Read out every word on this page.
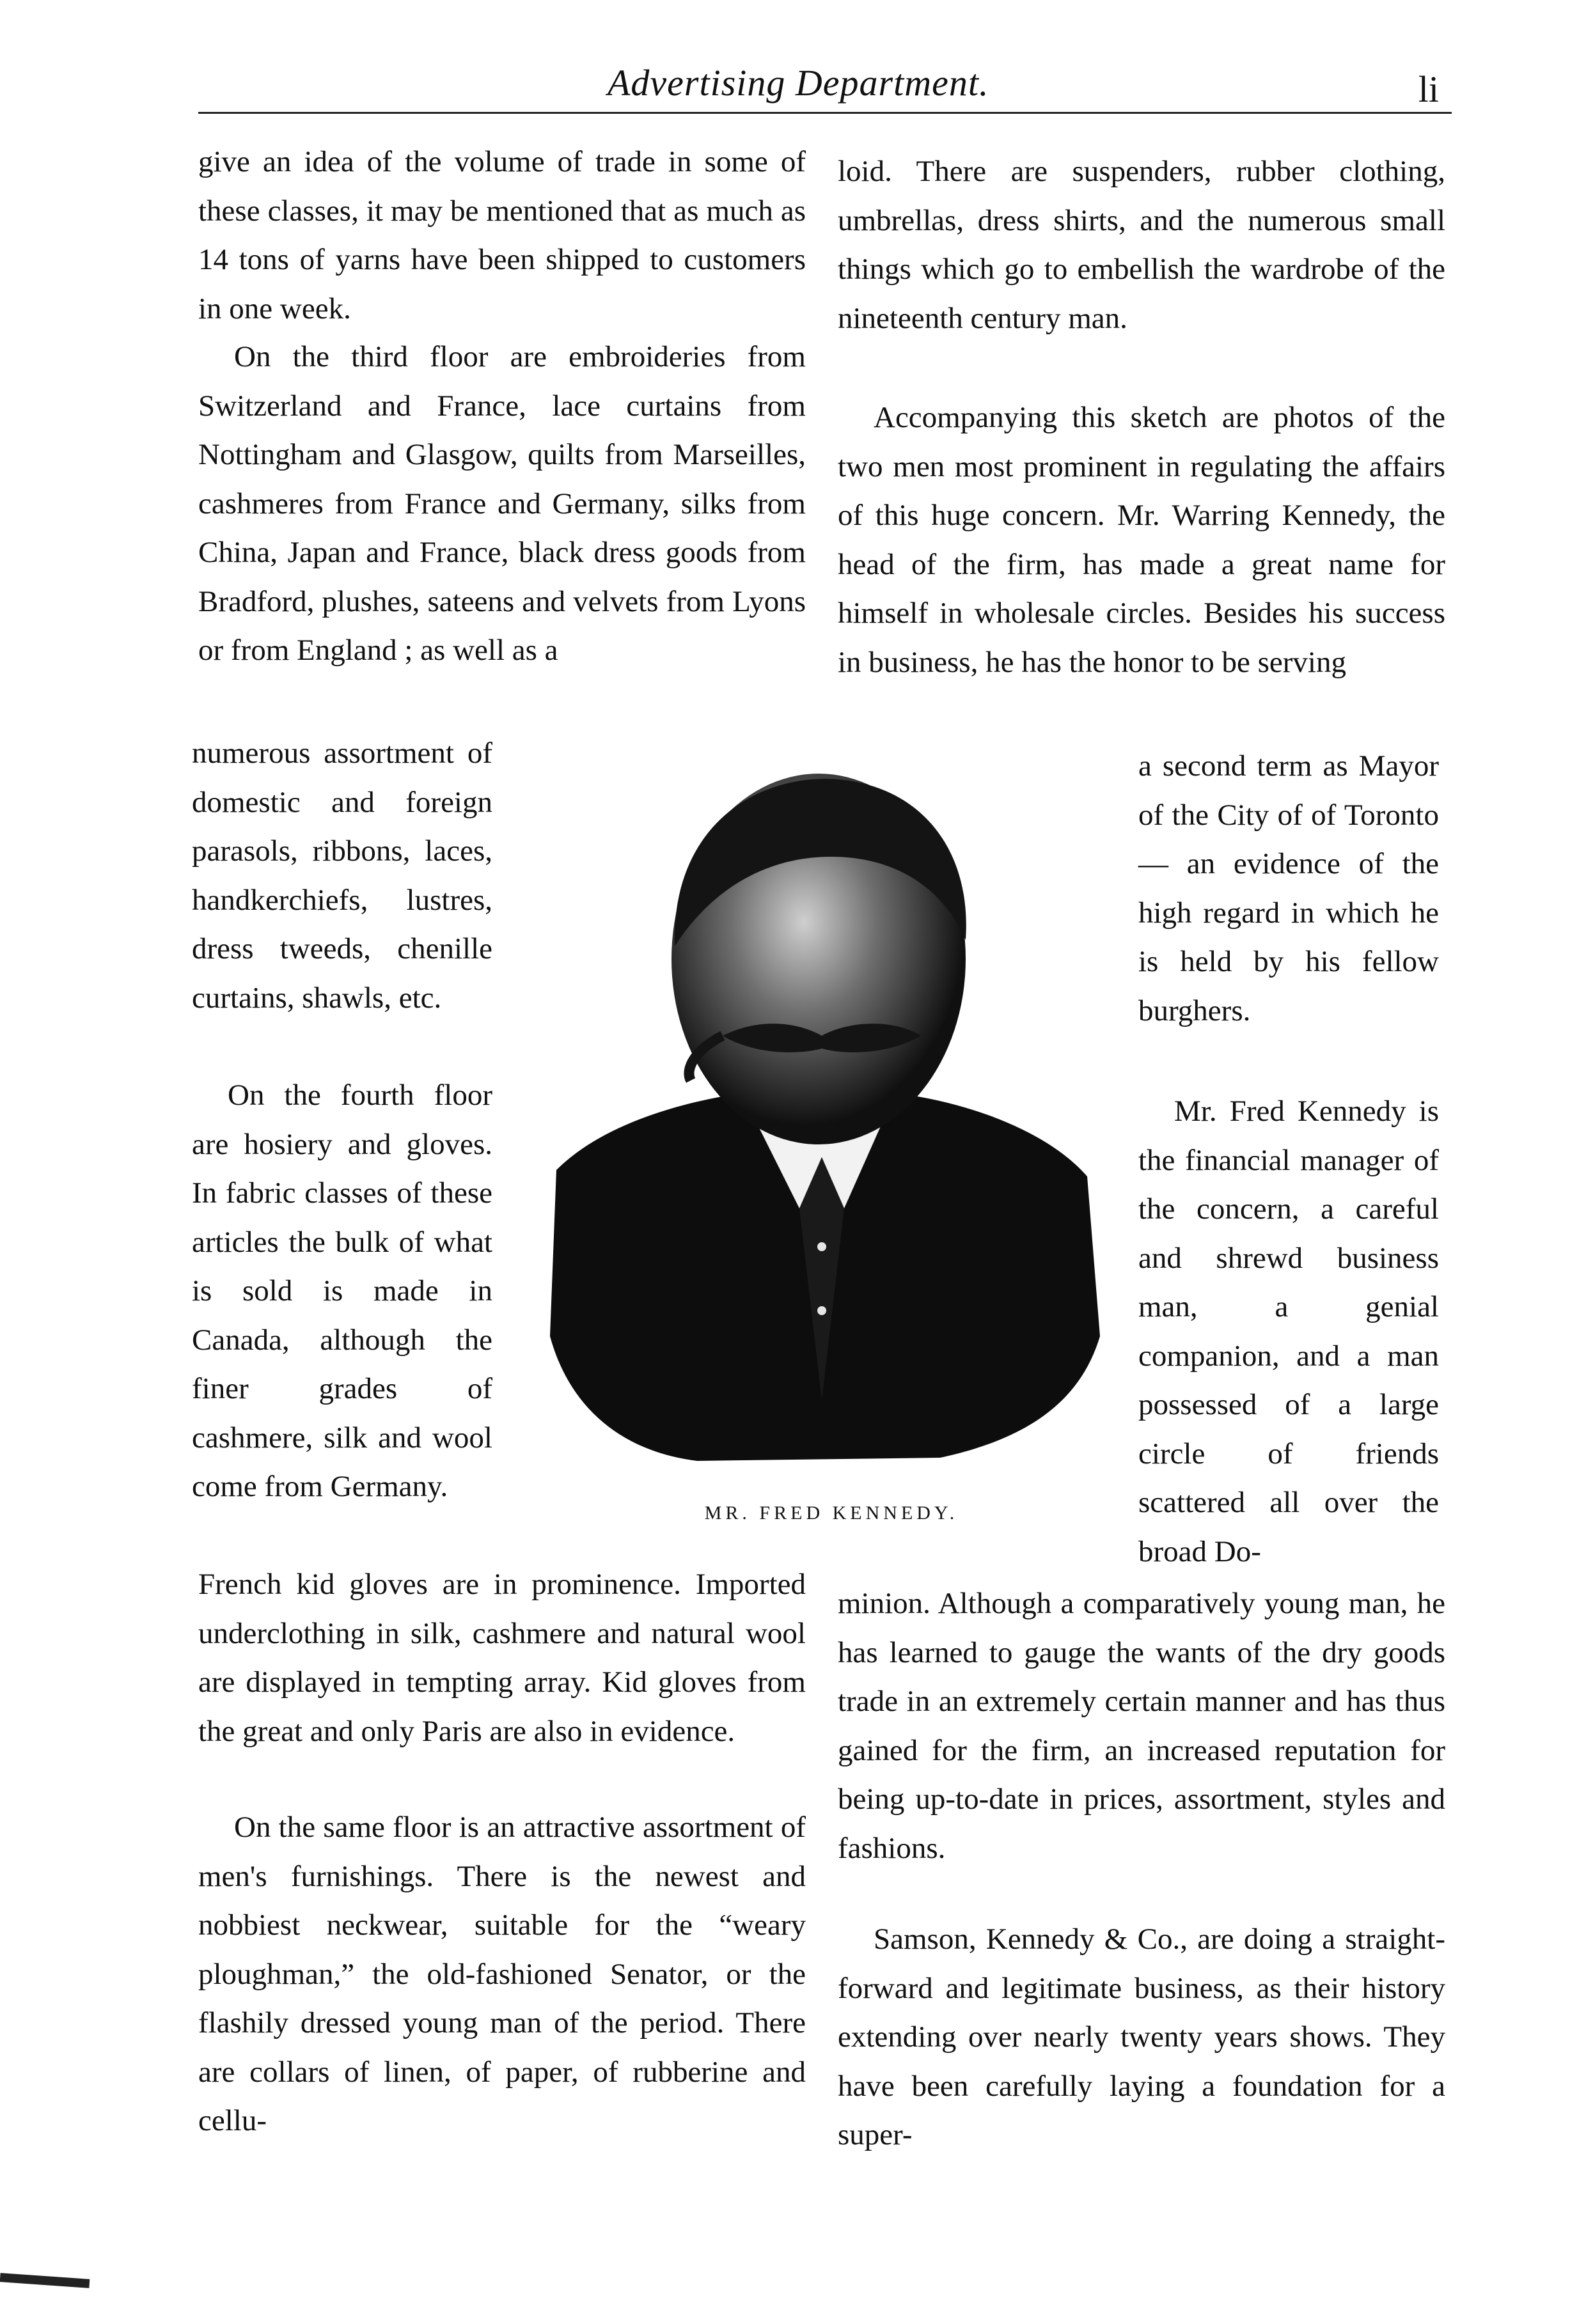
Advertising Department.	li

give an idea of the volume of trade in some of these classes, it may be mentioned that as much as 14 tons of yarns have been shipped to customers in one week.

On the third floor are embroideries from Switzerland and France, lace curtains from Nottingham and Glasgow, quilts from Marseilles, cashmeres from France and Germany, silks from China, Japan and France, black dress goods from Bradford, plushes, sateens and velvets from Lyons or from England ; as well as a

numerous assortment of domestic and foreign parasols, ribbons, laces, handkerchiefs, lustres, dress tweeds, chenille curtains, shawls, etc.

On the fourth floor are hosiery and gloves. In fabric classes of these articles the bulk of what is sold is made in Canada, although the finer grades of cashmere, silk and wool come from Germany.

French kid gloves are in prominence. Imported underclothing in silk, cashmere and natural wool are displayed in tempting array. Kid gloves from the great and only Paris are also in evidence.

On the same floor is an attractive assortment of men's furnishings. There is the newest and nobbiest neckwear, suitable for the “weary ploughman,” the old-fashioned Senator, or the flashily dressed young man of the period. There are collars of linen, of paper, of rubberine and cellu-

loid. There are suspenders, rubber clothing, umbrellas, dress shirts, and the numerous small things which go to embellish the wardrobe of the nineteenth century man.

Accompanying this sketch are photos of the two men most prominent in regulating the affairs of this huge concern. Mr. Warring Kennedy, the head of the firm, has made a great name for himself in wholesale circles. Besides his success in business, he has the honor to be serving

a second term as Mayor of the City of of Toronto — an evidence of the high regard in which he is held by his fellow burghers.

Mr. Fred Kennedy is the financial manager of the concern, a careful and shrewd business man, a genial companion, and a man possessed of a large circle of friends scattered all over the broad Do-

minion. Although a comparatively young man, he has learned to gauge the wants of the dry goods trade in an extremely certain manner and has thus gained for the firm, an increased reputation for being up-to-date in prices, assortment, styles and fashions.

Samson, Kennedy & Co., are doing a straight-forward and legitimate business, as their history extending over nearly twenty years shows. They have been carefully laying a foundation for a super-

MR. FRED KENNEDY.
